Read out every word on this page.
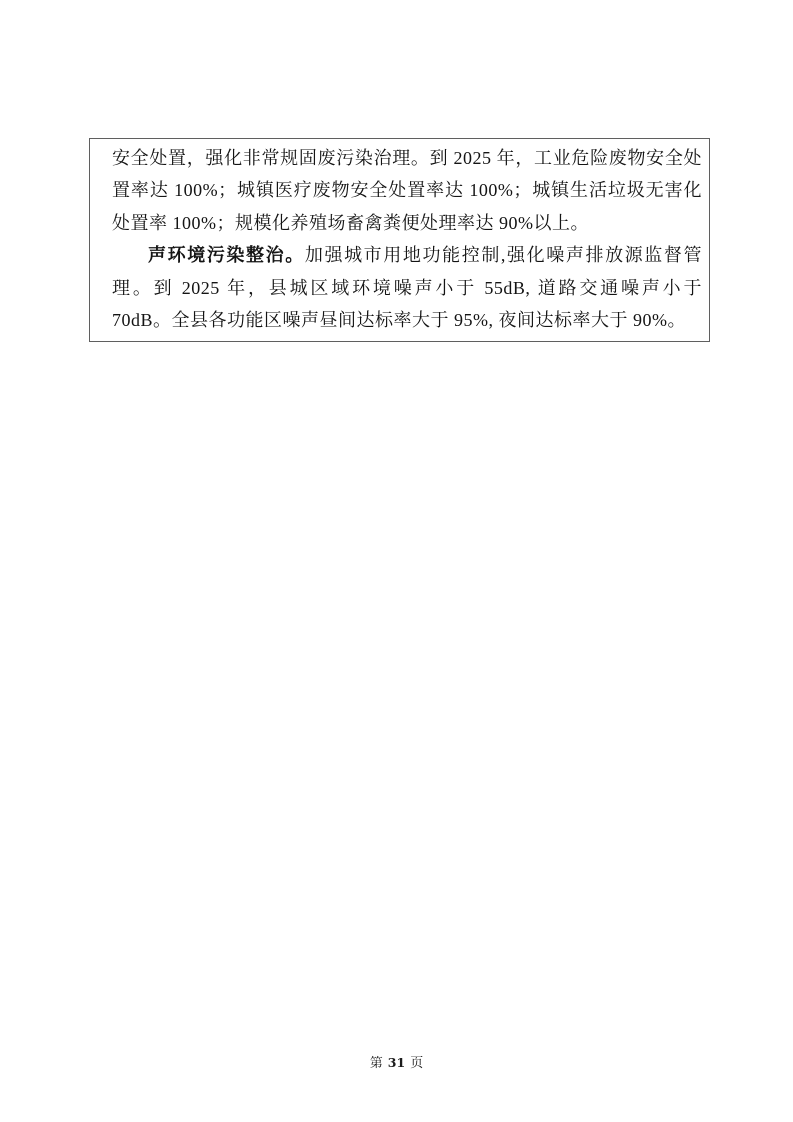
安全处置，强化非常规固废污染治理。到 2025 年，工业危险废物安全处置率达 100%；城镇医疗废物安全处置率达 100%；城镇生活垃圾无害化处置率 100%；规模化养殖场畜禽粪便处理率达 90%以上。

声环境污染整治。加强城市用地功能控制,强化噪声排放源监督管理。到 2025 年，县城区域环境噪声小于 55dB, 道路交通噪声小于 70dB。全县各功能区噪声昼间达标率大于 95%, 夜间达标率大于 90%。

第 31 页
